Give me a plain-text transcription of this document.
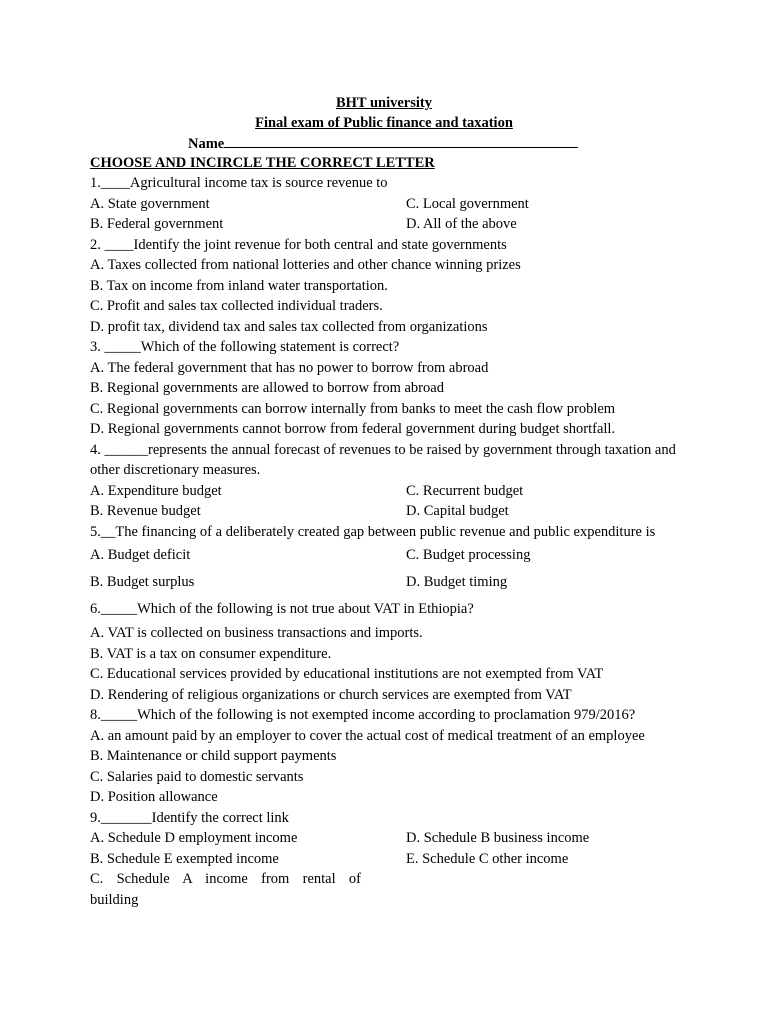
BHT university
Final exam of Public finance and taxation
Name
CHOOSE AND INCIRCLE THE CORRECT LETTER
1.____Agricultural income tax is source revenue to
A. State government	C. Local government
B. Federal government	D. All of the above
2. ____Identify the joint revenue for both central and state governments
A. Taxes collected from national lotteries and other chance winning prizes
B. Tax on income from inland water transportation.
C. Profit and sales tax collected individual traders.
D. profit tax, dividend tax and sales tax collected from organizations
3. _____Which of the following statement is correct?
A. The federal government that has no power to borrow from abroad
B. Regional governments are allowed to borrow from abroad
C. Regional governments can borrow internally from banks to meet the cash flow problem
D. Regional governments cannot borrow from federal government during budget shortfall.
4. ______represents the annual forecast of revenues to be raised by government through taxation and other discretionary measures.
A. Expenditure budget	C. Recurrent budget
B. Revenue budget	D. Capital budget
5.__The financing of a deliberately created gap between public revenue and public expenditure is
A. Budget deficit	C. Budget processing
B. Budget surplus	D. Budget timing
6._____Which of the following is not true about VAT in Ethiopia?
A. VAT is collected on business transactions and imports.
B. VAT is a tax on consumer expenditure.
C. Educational services provided by educational institutions are not exempted from VAT
D. Rendering of religious organizations or church services are exempted from VAT
8._____Which of the following is not exempted income according to proclamation 979/2016?
A. an amount paid by an employer to cover the actual cost of medical treatment of an employee
B. Maintenance or child support payments
C. Salaries paid to domestic servants
D. Position allowance
9._______Identify the correct link
A. Schedule D employment income	D. Schedule B business income
B. Schedule E exempted income	E. Schedule C other income
C. Schedule A income from rental of
building
